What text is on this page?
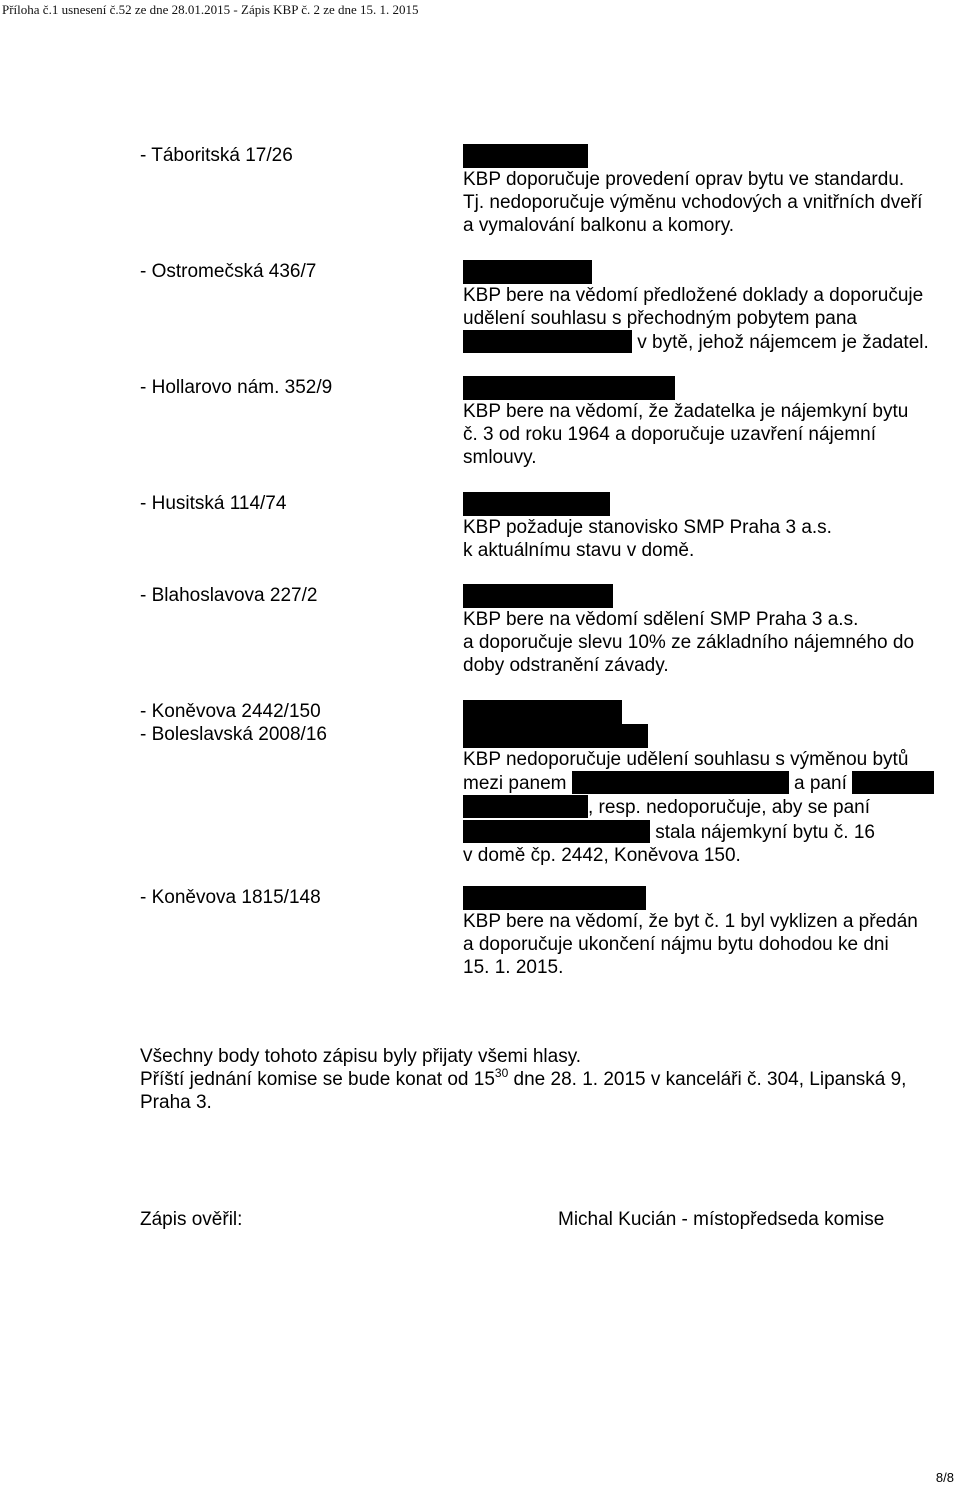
Příloha č.1 usnesení č.52 ze dne 28.01.2015 - Zápis KBP č. 2 ze dne 15. 1. 2015
- Táboritská 17/26
KBP doporučuje provedení oprav bytu ve standardu.
Tj. nedoporučuje výměnu vchodových a vnitřních dveří
a vymalování balkonu a komory.
- Ostromečská 436/7
KBP bere na vědomí předložené doklady a doporučuje
udělení souhlasu s přechodným pobytem pana
v bytě, jehož nájemcem je žadatel.
- Hollarovo nám. 352/9
KBP bere na vědomí, že žadatelka je nájemkyní bytu
č. 3 od roku 1964 a doporučuje uzavření nájemní
smlouvy.
- Husitská 114/74
KBP požaduje stanovisko SMP Praha 3 a.s.
k aktuálnímu stavu v domě.
- Blahoslavova 227/2
KBP bere na vědomí sdělení SMP Praha 3 a.s.
a doporučuje slevu 10% ze základního nájemného do
doby odstranění závady.
- Koněvova 2442/150
- Boleslavská 2008/16
KBP nedoporučuje udělení souhlasu s výměnou bytů
mezi panem	a paní
, resp. nedoporučuje, aby se paní
stala nájemkyní bytu č. 16
v domě čp. 2442, Koněvova 150.
- Koněvova 1815/148
KBP bere na vědomí, že byt č. 1 byl vyklizen a předán
a doporučuje ukončení nájmu bytu dohodou ke dni
15. 1. 2015.
Všechny body tohoto zápisu byly přijaty všemi hlasy.
Příští jednání komise se bude konat od $15^{30}$ dne 28. 1. 2015 v kanceláři č. 304, Lipanská 9,
Praha 3.
Zápis ověřil:	Michal Kucián - místopředseda komise
8/8
